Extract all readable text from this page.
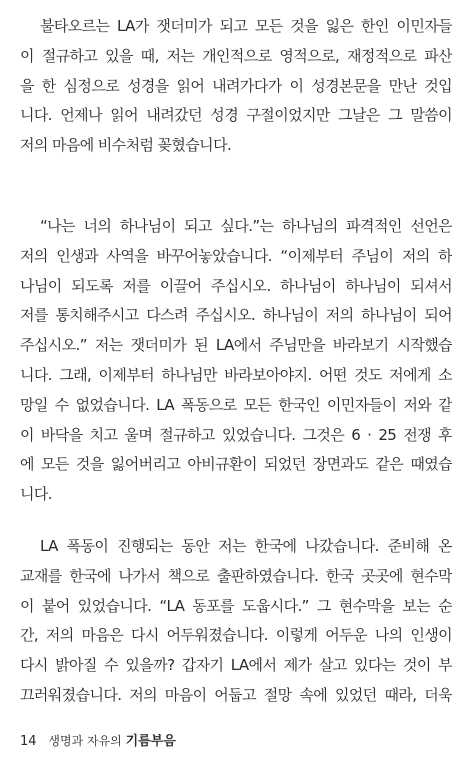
불타오르는 LA가 잿더미가 되고 모든 것을 잃은 한인 이민자들
이 절규하고 있을 때, 저는 개인적으로 영적으로, 재정적으로 파산
을 한 심정으로 성경을 읽어 내려가다가 이 성경본문을 만난 것입
니다. 언제나 읽어 내려갔던 성경 구절이었지만 그날은 그 말씀이
저의 마음에 비수처럼 꽂혔습니다.
“나는 너의 하나님이 되고 싶다.”는 하나님의 파격적인 선언은
저의 인생과 사역을 바꾸어놓았습니다. “이제부터 주님이 저의 하
나님이 되도록 저를 이끌어 주십시오. 하나님이 하나님이 되셔서
저를 통치해주시고 다스려 주십시오. 하나님이 저의 하나님이 되어
주십시오.” 저는 잿더미가 된 LA에서 주님만을 바라보기 시작했습
니다. 그래, 이제부터 하나님만 바라보아야지. 어떤 것도 저에게 소
망일 수 없었습니다. LA 폭동으로 모든 한국인 이민자들이 저와 같
이 바닥을 치고 울며 절규하고 있었습니다. 그것은 6 · 25 전쟁 후
에 모든 것을 잃어버리고 아비규환이 되었던 장면과도 같은 때였습
니다.
LA 폭동이 진행되는 동안 저는 한국에 나갔습니다. 준비해 온
교재를 한국에 나가서 책으로 출판하였습니다. 한국 곳곳에 현수막
이 붙어 있었습니다. “LA 동포를 도웁시다.” 그 현수막을 보는 순
간, 저의 마음은 다시 어두워졌습니다. 이렇게 어두운 나의 인생이
다시 밝아질 수 있을까? 갑자기 LA에서 제가 살고 있다는 것이 부
끄러워졌습니다. 저의 마음이 어둡고 절망 속에 있었던 때라, 더욱
14 생명과 자유의 기름부음
